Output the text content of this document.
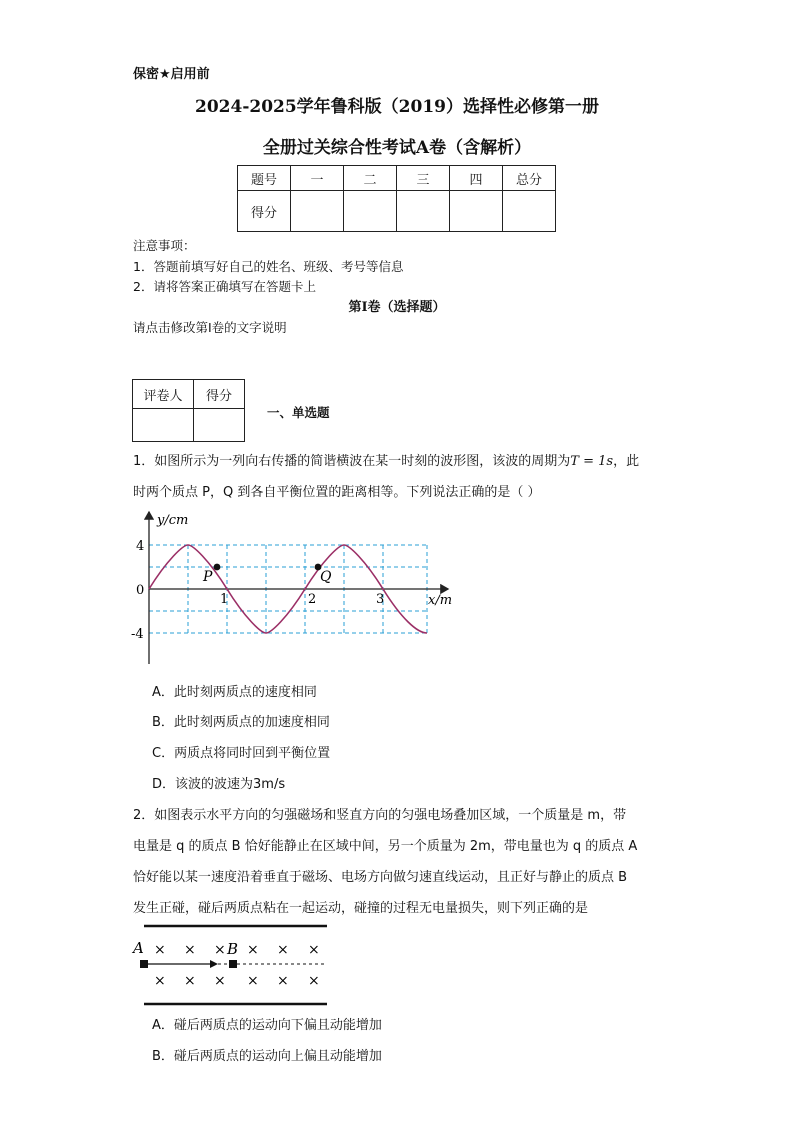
保密★启用前
2024-2025学年鲁科版（2019）选择性必修第一册
全册过关综合性考试A卷（含解析）
题号	一	二	三	四	总分
得分					
注意事项：
1．答题前填写好自己的姓名、班级、考号等信息
2．请将答案正确填写在答题卡上
第I卷（选择题）
请点击修改第I卷的文字说明
评卷人	得分

一、单选题
1．如图所示为一列向右传播的简谐横波在某一时刻的波形图，该波的周期为T = 1s，此
时两个质点 P，Q 到各自平衡位置的距离相等。下列说法正确的是（ ）
y/cm
x/m
4
0
-4
1	2	3
P	Q
A．此时刻两质点的速度相同
B．此时刻两质点的加速度相同
C．两质点将同时回到平衡位置
D．该波的波速为3m/s
2．如图表示水平方向的匀强磁场和竖直方向的匀强电场叠加区域，一个质量是 m，带
电量是 q 的质点 B 恰好能静止在区域中间，另一个质量为 2m，带电量也为 q 的质点 A
恰好能以某一速度沿着垂直于磁场、电场方向做匀速直线运动，且正好与静止的质点 B
发生正碰，碰后两质点粘在一起运动，碰撞的过程无电量损失，则下列正确的是
× × × × × ×
× × × × × ×
A	B
A．碰后两质点的运动向下偏且动能增加
B．碰后两质点的运动向上偏且动能增加
